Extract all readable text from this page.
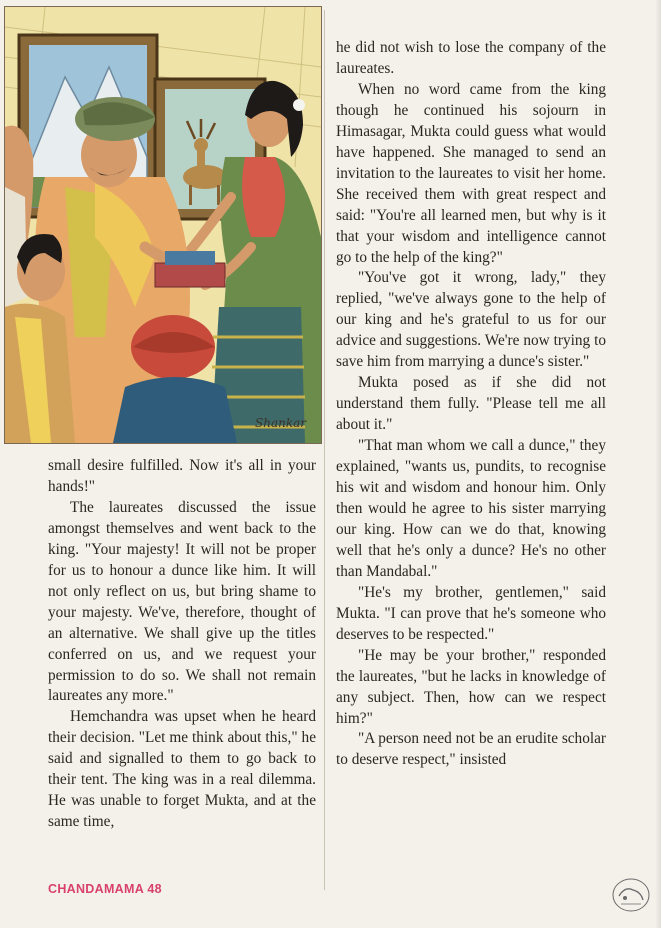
Shankar

small desire fulfilled. Now it's all in your hands!"

The laureates discussed the issue amongst themselves and went back to the king. "Your majesty! It will not be proper for us to honour a dunce like him. It will not only reflect on us, but bring shame to your majesty. We've, therefore, thought of an alternative. We shall give up the titles conferred on us, and we request your permission to do so. We shall not remain laureates any more."

Hemchandra was upset when he heard their decision. "Let me think about this," he said and signalled to them to go back to their tent. The king was in a real dilemma. He was unable to forget Mukta, and at the same time,

he did not wish to lose the company of the laureates.

When no word came from the king though he continued his sojourn in Himasagar, Mukta could guess what would have happened. She managed to send an invitation to the laureates to visit her home. She received them with great respect and said: "You're all learned men, but why is it that your wisdom and intelligence cannot go to the help of the king?"

"You've got it wrong, lady," they replied, "we've always gone to the help of our king and he's grateful to us for our advice and suggestions. We're now trying to save him from marrying a dunce's sister."

Mukta posed as if she did not understand them fully. "Please tell me all about it."

"That man whom we call a dunce," they explained, "wants us, pundits, to recognise his wit and wisdom and honour him. Only then would he agree to his sister marrying our king. How can we do that, knowing well that he's only a dunce? He's no other than Mandabal."

"He's my brother, gentlemen," said Mukta. "I can prove that he's someone who deserves to be respected."

"He may be your brother," responded the laureates, "but he lacks in knowledge of any subject. Then, how can we respect him?"

"A person need not be an erudite scholar to deserve respect," insisted

CHANDAMAMA 48
